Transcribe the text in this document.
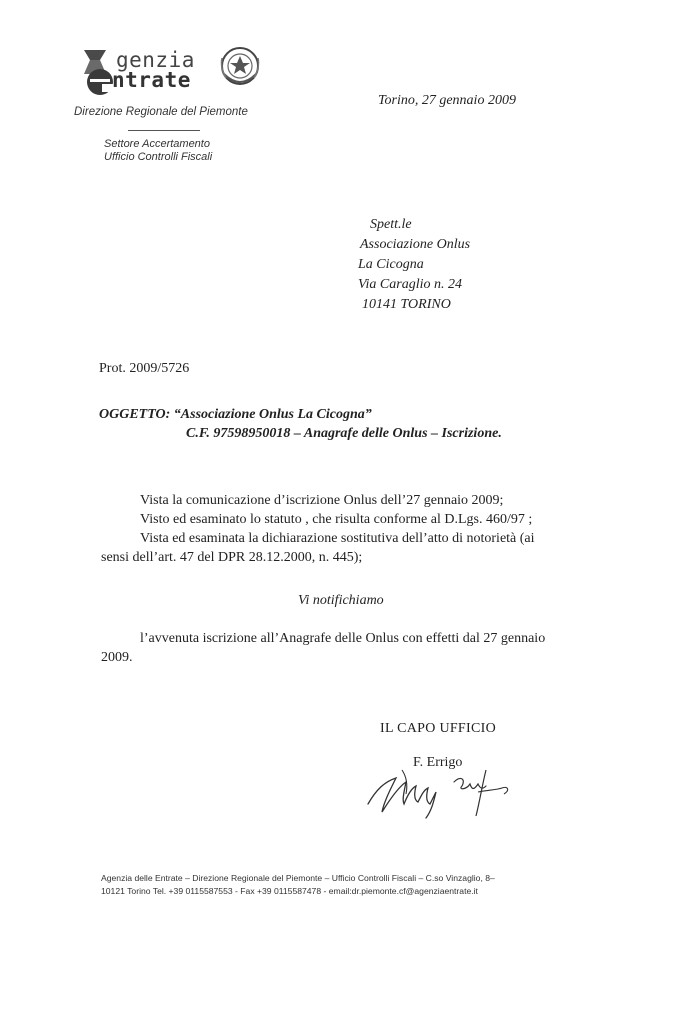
genzia
ntrate
Direzione Regionale del Piemonte
Settore Accertamento
Ufficio Controlli Fiscali
Torino, 27 gennaio 2009
Spett.le
Associazione Onlus
La Cicogna
Via Caraglio n. 24
10141 TORINO
Prot. 2009/5726
OGGETTO: “Associazione Onlus La Cicogna”
C.F. 97598950018 – Anagrafe delle Onlus – Iscrizione.
Vista la comunicazione d’iscrizione Onlus dell’27 gennaio 2009;
Visto ed esaminato lo statuto , che risulta conforme al D.Lgs. 460/97 ;
Vista ed esaminata la dichiarazione sostitutiva dell’atto di notorietà (ai
sensi dell’art. 47 del DPR 28.12.2000, n. 445);
Vi notifichiamo
l’avvenuta iscrizione all’Anagrafe delle Onlus con effetti dal 27 gennaio
2009.
IL CAPO UFFICIO
F. Errigo
Agenzia delle Entrate – Direzione Regionale del Piemonte – Ufficio Controlli Fiscali – C.so Vinzaglio, 8–
10121 Torino Tel. +39 0115587553 - Fax +39 0115587478 - email:dr.piemonte.cf@agenziaentrate.it
